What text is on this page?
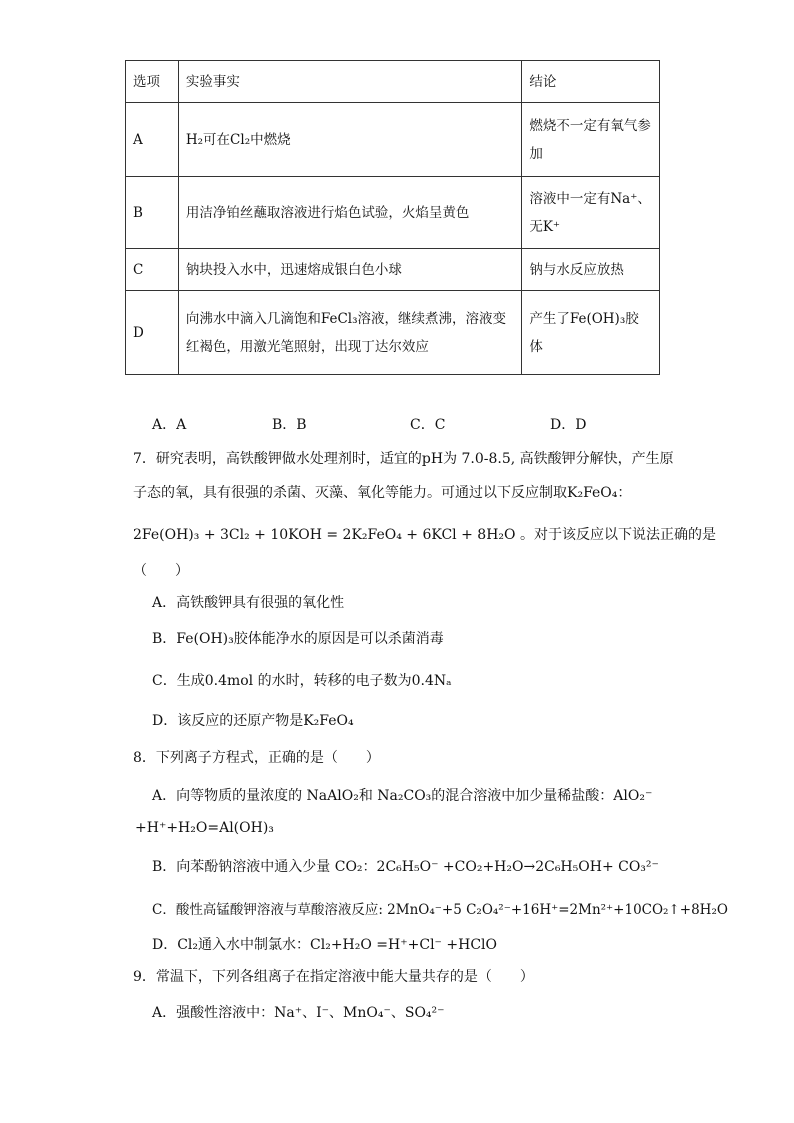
选项	实验事实	结论
A	H₂可在Cl₂中燃烧	燃烧不一定有氧气参加
B	用洁净铂丝蘸取溶液进行焰色试验，火焰呈黄色	溶液中一定有Na⁺、无K⁺
C	钠块投入水中，迅速熔成银白色小球	钠与水反应放热
D	向沸水中滴入几滴饱和FeCl₃溶液，继续煮沸，溶液变红褐色，用激光笔照射，出现丁达尔效应	产生了Fe(OH)₃胶体
A．A	B．B	C．C	D．D
7．研究表明，高铁酸钾做水处理剂时，适宜的pH为 7.0-8.5, 高铁酸钾分解快，产生原
子态的氧，具有很强的杀菌、灭藻、氧化等能力。可通过以下反应制取K₂FeO₄：
2Fe(OH)₃ + 3Cl₂ + 10KOH = 2K₂FeO₄ + 6KCl + 8H₂O 。对于该反应以下说法正确的是
（　　）
A．高铁酸钾具有很强的氧化性
B．Fe(OH)₃胶体能净水的原因是可以杀菌消毒
C．生成0.4mol 的水时，转移的电子数为0.4Nₐ
D．该反应的还原产物是K₂FeO₄
8．下列离子方程式，正确的是（　　）
A．向等物质的量浓度的 NaAlO₂和 Na₂CO₃的混合溶液中加少量稀盐酸：AlO₂⁻
+H⁺+H₂O=Al(OH)₃
B．向苯酚钠溶液中通入少量 CO₂：2C₆H₅O⁻ +CO₂+H₂O→2C₆H₅OH+ CO₃²⁻
C．酸性高锰酸钾溶液与草酸溶液反应: 2MnO₄⁻+5 C₂O₄²⁻+16H⁺=2Mn²⁺+10CO₂↑+8H₂O
D．Cl₂通入水中制氯水：Cl₂+H₂O =H⁺+Cl⁻ +HClO
9．常温下，下列各组离子在指定溶液中能大量共存的是（　　）
A．强酸性溶液中：Na⁺、I⁻、MnO₄⁻、SO₄²⁻
